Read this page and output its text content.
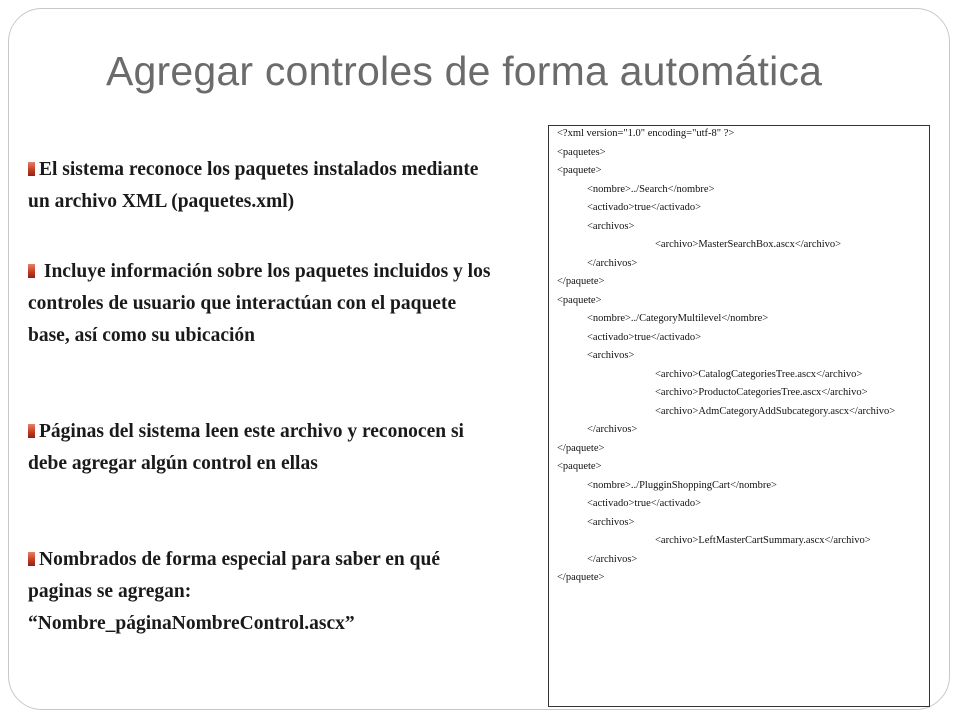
Agregar controles de forma automática
El sistema reconoce los paquetes instalados mediante un archivo XML (paquetes.xml)
Incluye información sobre los paquetes incluidos y los controles de usuario que interactúan con el paquete base, así como su ubicación
Páginas del sistema leen este archivo y reconocen si debe agregar algún control en ellas
Nombrados de forma especial para saber en qué paginas se agregan: “Nombre_páginaNombreControl.ascx”
<?xml version="1.0" encoding="utf-8" ?>
<paquetes>
<paquete>
<nombre>../Search</nombre>
<activado>true</activado>
<archivos>
<archivo>MasterSearchBox.ascx</archivo>
</archivos>
</paquete>
<paquete>
<nombre>../CategoryMultilevel</nombre>
<activado>true</activado>
<archivos>
<archivo>CatalogCategoriesTree.ascx</archivo>
<archivo>ProductoCategoriesTree.ascx</archivo>
<archivo>AdmCategoryAddSubcategory.ascx</archivo>
</archivos>
</paquete>
<paquete>
<nombre>../PlugginShoppingCart</nombre>
<activado>true</activado>
<archivos>
<archivo>LeftMasterCartSummary.ascx</archivo>
</archivos>
</paquete>
